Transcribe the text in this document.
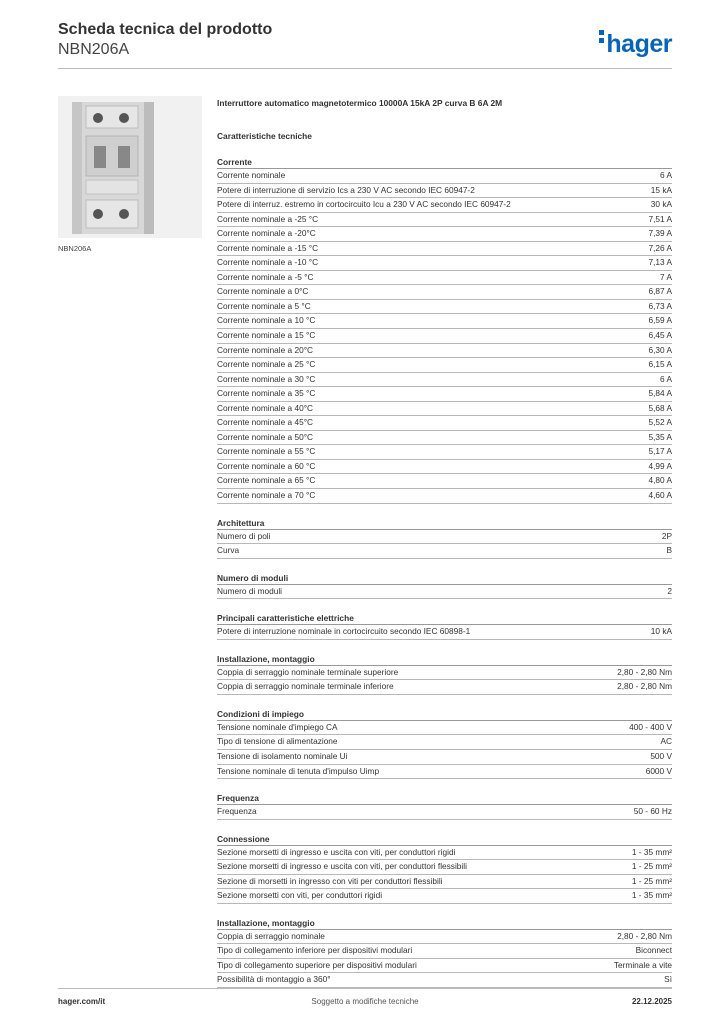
Scheda tecnica del prodotto
NBN206A	hager
NBN206A
Interruttore automatico magnetotermico 10000A 15kA 2P curva B 6A 2M
Caratteristiche tecniche
Corrente
Corrente nominale	6 A
Potere di interruzione di servizio Ics a 230 V AC secondo IEC 60947-2	15 kA
Potere di interruz. estremo in cortocircuito Icu a 230 V AC secondo IEC 60947-2	30 kA
Corrente nominale a -25 °C	7,51 A
Corrente nominale a -20°C	7,39 A
Corrente nominale a -15 °C	7,26 A
Corrente nominale a -10 °C	7,13 A
Corrente nominale a -5 °C	7 A
Corrente nominale a 0°C	6,87 A
Corrente nominale a 5 °C	6,73 A
Corrente nominale a 10 °C	6,59 A
Corrente nominale a 15 °C	6,45 A
Corrente nominale a 20°C	6,30 A
Corrente nominale a 25 °C	6,15 A
Corrente nominale a 30 °C	6 A
Corrente nominale a 35 °C	5,84 A
Corrente nominale a 40°C	5,68 A
Corrente nominale a 45°C	5,52 A
Corrente nominale a 50°C	5,35 A
Corrente nominale a 55 °C	5,17 A
Corrente nominale a 60 °C	4,99 A
Corrente nominale a 65 °C	4,80 A
Corrente nominale a 70 °C	4,60 A
Architettura
Numero di poli	2P
Curva	B
Numero di moduli
Numero di moduli	2
Principali caratteristiche elettriche
Potere di interruzione nominale in cortocircuito secondo IEC 60898-1	10 kA
Installazione, montaggio
Coppia di serraggio nominale terminale superiore	2,80 - 2,80 Nm
Coppia di serraggio nominale terminale inferiore	2,80 - 2,80 Nm
Condizioni di impiego
Tensione nominale d'impiego CA	400 - 400 V
Tipo di tensione di alimentazione	AC
Tensione di isolamento nominale Ui	500 V
Tensione nominale di tenuta d'impulso Uimp	6000 V
Frequenza
Frequenza	50 - 60 Hz
Connessione
Sezione morsetti di ingresso e uscita con viti, per conduttori rigidi	1 - 35 mm²
Sezione morsetti di ingresso e uscita con viti, per conduttori flessibili	1 - 25 mm²
Sezione di morsetti in ingresso con viti per conduttori flessibili	1 - 25 mm²
Sezione morsetti con viti, per conduttori rigidi	1 - 35 mm²
Installazione, montaggio
Coppia di serraggio nominale	2,80 - 2,80 Nm
Tipo di collegamento inferiore per dispositivi modulari	Biconnect
Tipo di collegamento superiore per dispositivi modulari	Terminale a vite
Possibilità di montaggio a 360°	Sì
hager.com/it	Soggetto a modifiche tecniche	22.12.2025
